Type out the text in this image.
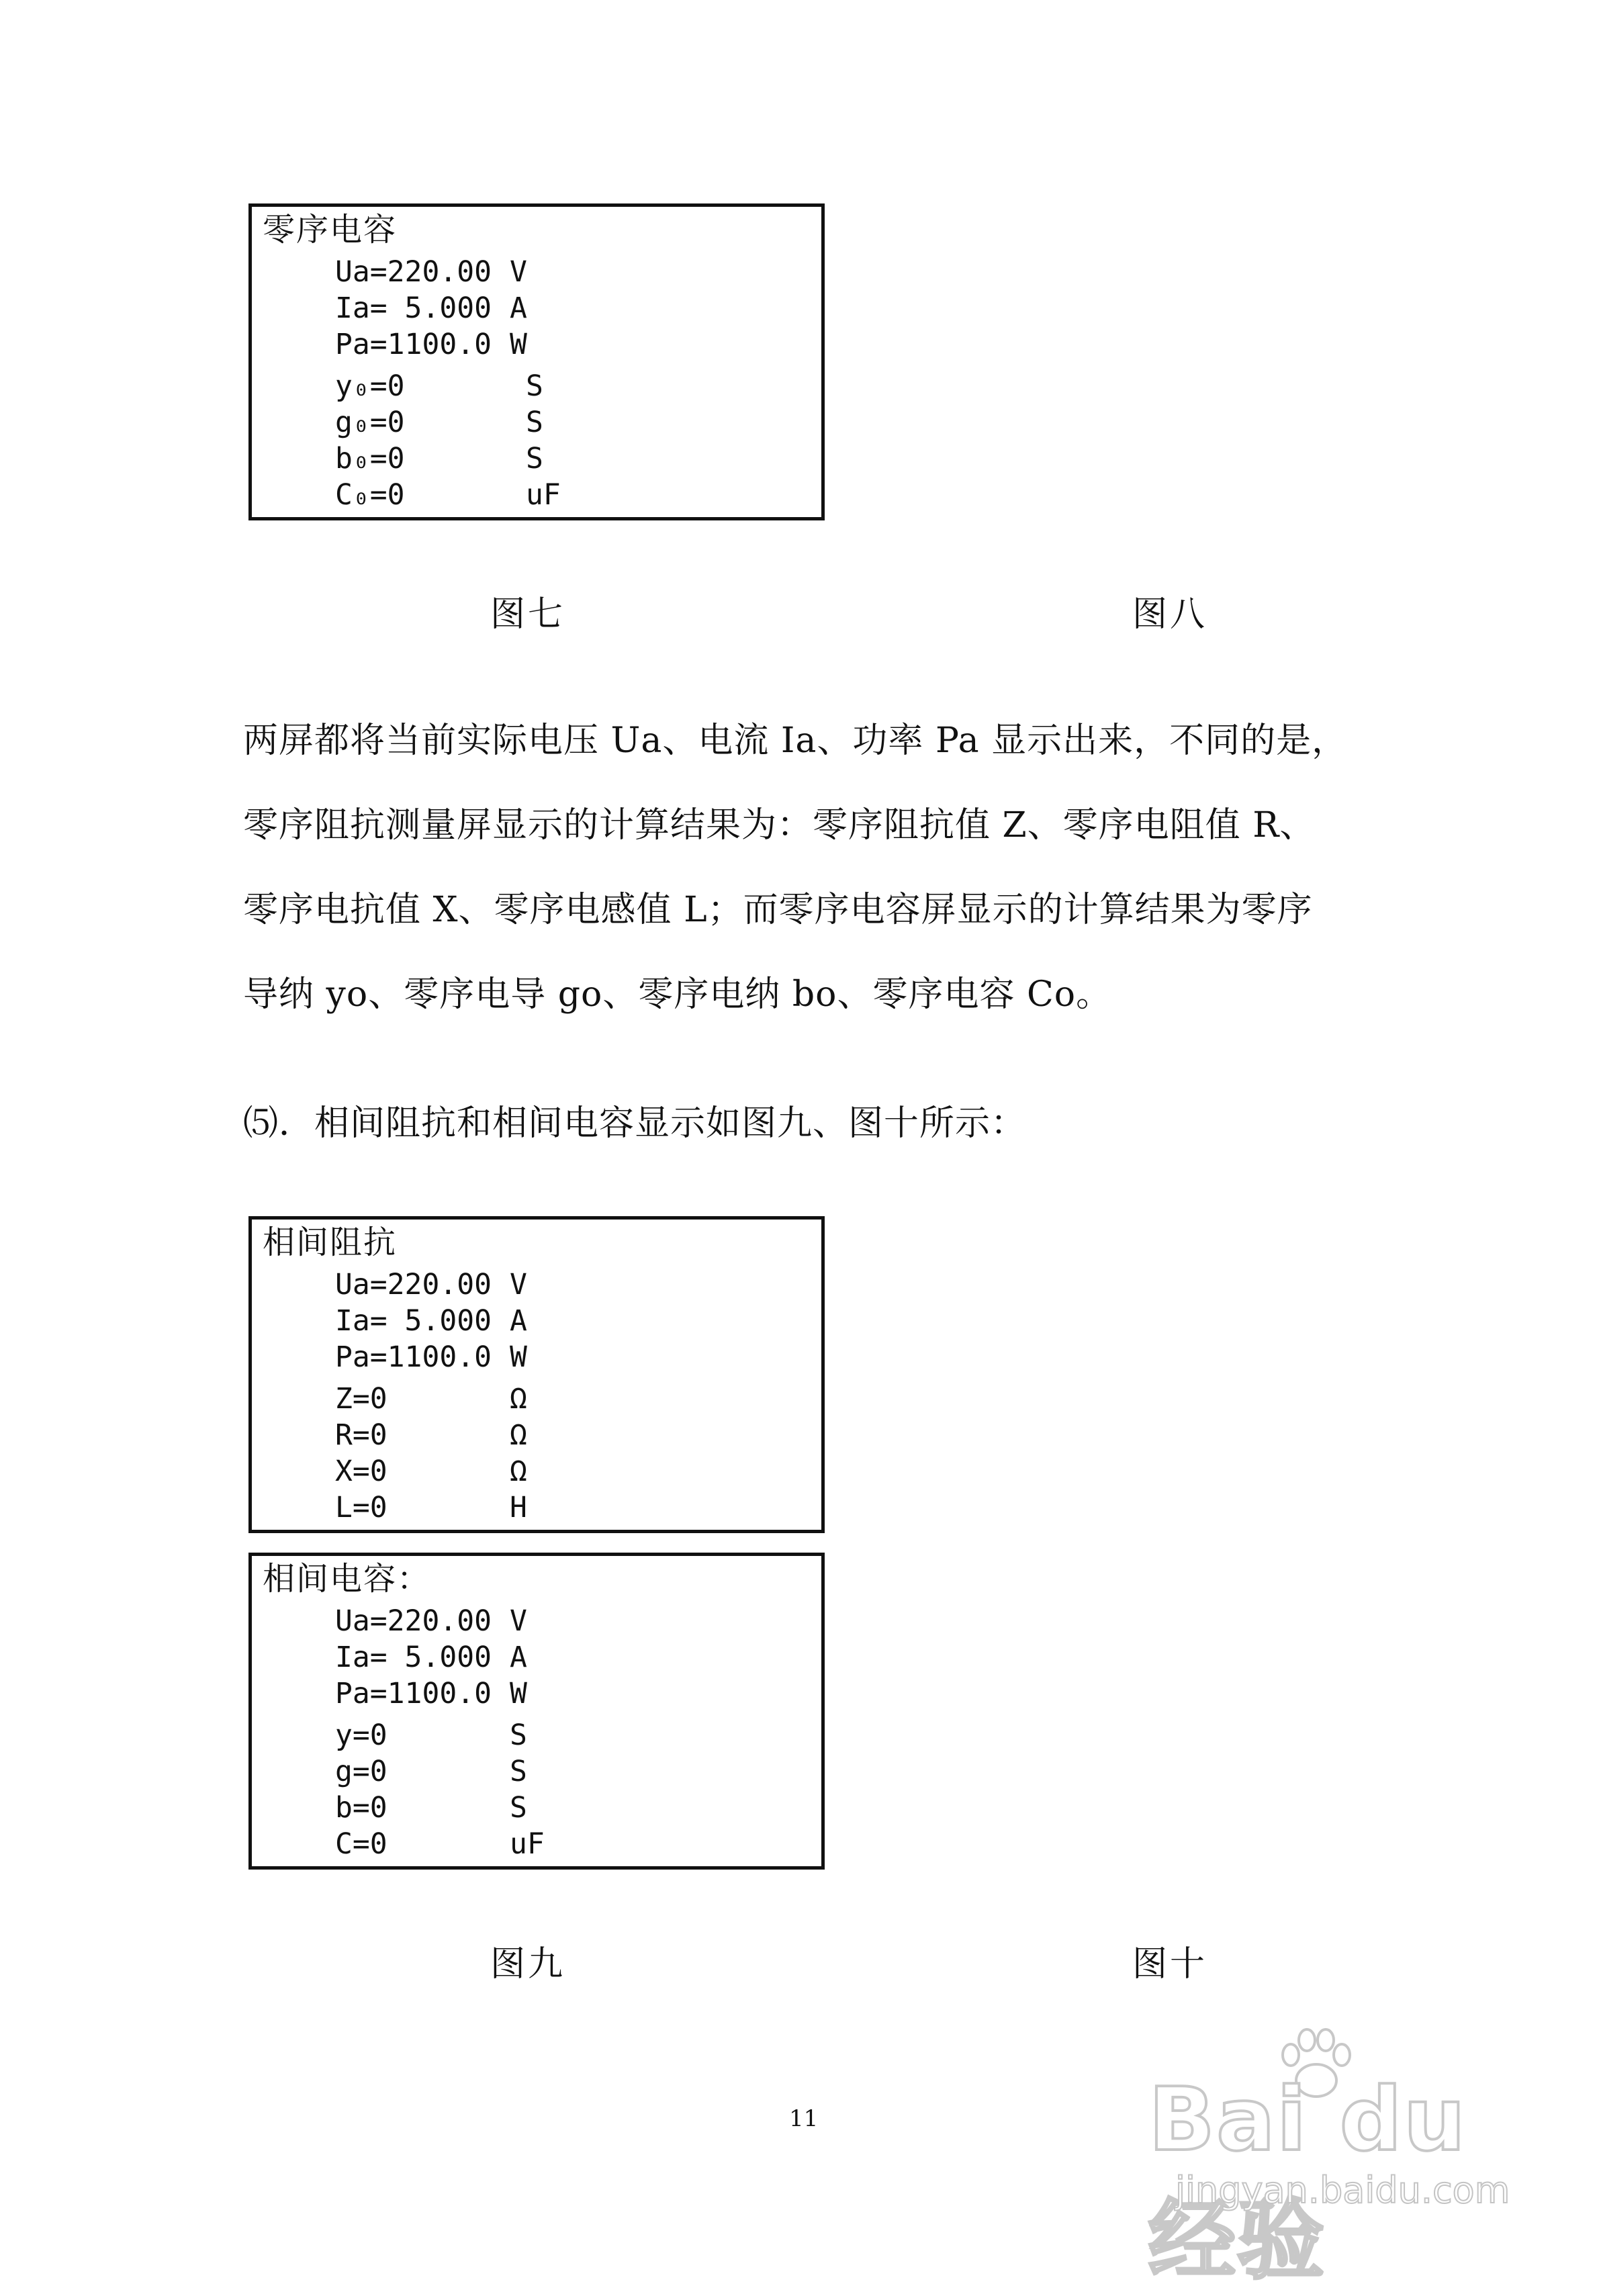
零序电容
Ua=220.00 V
Ia= 5.000 A
Pa=1100.0 W
y₀=0	S
g₀=0	S
b₀=0	S
C₀=0	uF
图七	图八
两屏都将当前实际电压 Ua、电流 Ia、功率 Pa 显示出来，不同的是，
零序阻抗测量屏显示的计算结果为：零序阻抗值 Z、零序电阻值 R、
零序电抗值 X、零序电感值 L；而零序电容屏显示的计算结果为零序
导纳 yo、零序电导 go、零序电纳 bo、零序电容 Co。
⑸．相间阻抗和相间电容显示如图九、图十所示：
相间阻抗
Ua=220.00 V
Ia= 5.000 A
Pa=1100.0 W
Z=0	Ω
R=0	Ω
X=0	Ω
L=0	H
相间电容：
Ua=220.00 V
Ia= 5.000 A
Pa=1100.0 W
y=0	S
g=0	S
b=0	S
C=0	uF
图九	图十
11	Bai du 经验
jingyan.baidu.com
